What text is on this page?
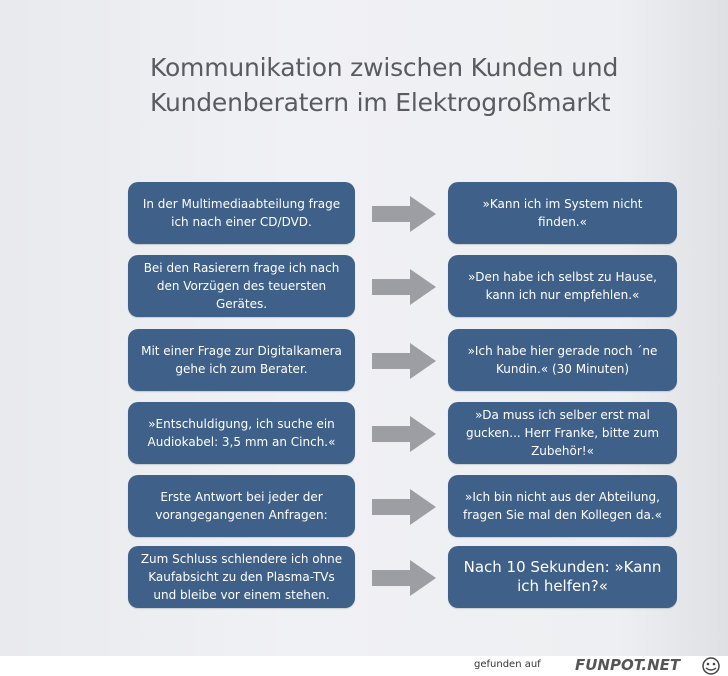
Kommunikation zwischen Kunden und
Kundenberatern im Elektrogroßmarkt
In der Multimediaabteilung frage ich nach einer CD/DVD.
»Kann ich im System nicht finden.«
Bei den Rasierern frage ich nach den Vorzügen des teuersten Gerätes.
»Den habe ich selbst zu Hause, kann ich nur empfehlen.«
Mit einer Frage zur Digitalkamera gehe ich zum Berater.
»Ich habe hier gerade noch ´ne Kundin.« (30 Minuten)
»Entschuldigung, ich suche ein Audiokabel: 3,5 mm an Cinch.«
»Da muss ich selber erst mal gucken... Herr Franke, bitte zum Zubehör!«
Erste Antwort bei jeder der vorangegangenen Anfragen:
»Ich bin nicht aus der Abteilung, fragen Sie mal den Kollegen da.«
Zum Schluss schlendere ich ohne Kaufabsicht zu den Plasma-TVs und bleibe vor einem stehen.
Nach 10 Sekunden: »Kann ich helfen?«
gefunden auf FUNPOT.NET
